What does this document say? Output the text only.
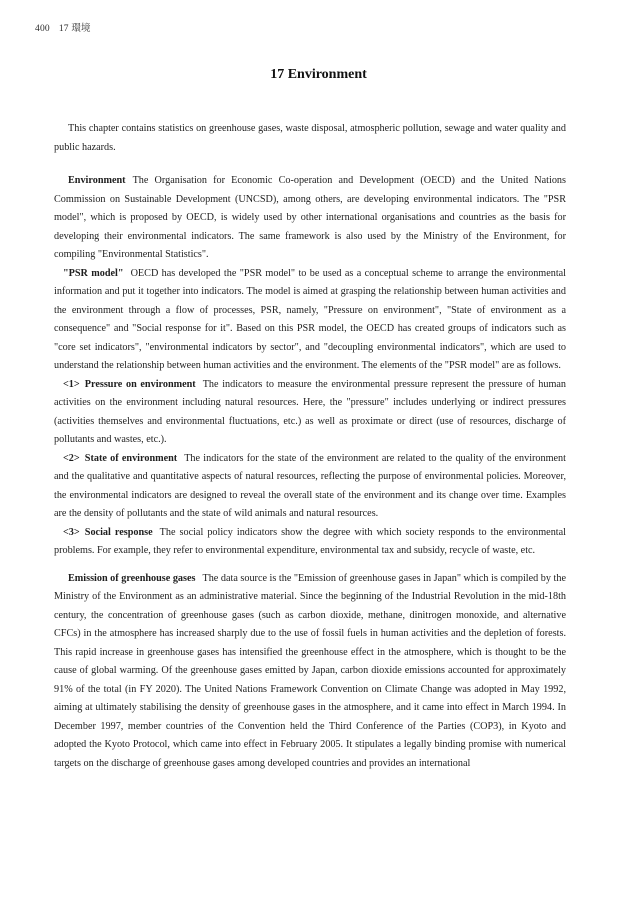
400 17 環境
17 Environment

This chapter contains statistics on greenhouse gases, waste disposal, atmospheric pollution, sewage and water quality and public hazards.

Environment The Organisation for Economic Co-operation and Development (OECD) and the United Nations Commission on Sustainable Development (UNCSD), among others, are developing environmental indicators. The "PSR model", which is proposed by OECD, is widely used by other international organisations and countries as the basis for developing their environmental indicators. The same framework is also used by the Ministry of the Environment, for compiling "Environmental Statistics".

"PSR model" OECD has developed the "PSR model" to be used as a conceptual scheme to arrange the environmental information and put it together into indicators. The model is aimed at grasping the relationship between human activities and the environment through a flow of processes, PSR, namely, "Pressure on environment", "State of environment as a consequence" and "Social response for it". Based on this PSR model, the OECD has created groups of indicators such as "core set indicators", "environmental indicators by sector", and "decoupling environmental indicators", which are used to understand the relationship between human activities and the environment. The elements of the "PSR model" are as follows.

<1> Pressure on environment The indicators to measure the environmental pressure represent the pressure of human activities on the environment including natural resources. Here, the "pressure" includes underlying or indirect pressures (activities themselves and environmental fluctuations, etc.) as well as proximate or direct (use of resources, discharge of pollutants and wastes, etc.).

<2> State of environment The indicators for the state of the environment are related to the quality of the environment and the qualitative and quantitative aspects of natural resources, reflecting the purpose of environmental policies. Moreover, the environmental indicators are designed to reveal the overall state of the environment and its change over time. Examples are the density of pollutants and the state of wild animals and natural resources.

<3> Social response The social policy indicators show the degree with which society responds to the environmental problems. For example, they refer to environmental expenditure, environmental tax and subsidy, recycle of waste, etc.

Emission of greenhouse gases The data source is the "Emission of greenhouse gases in Japan" which is compiled by the Ministry of the Environment as an administrative material. Since the beginning of the Industrial Revolution in the mid-18th century, the concentration of greenhouse gases (such as carbon dioxide, methane, dinitrogen monoxide, and alternative CFCs) in the atmosphere has increased sharply due to the use of fossil fuels in human activities and the depletion of forests. This rapid increase in greenhouse gases has intensified the greenhouse effect in the atmosphere, which is thought to be the cause of global warming. Of the greenhouse gases emitted by Japan, carbon dioxide emissions accounted for approximately 91% of the total (in FY 2020). The United Nations Framework Convention on Climate Change was adopted in May 1992, aiming at ultimately stabilising the density of greenhouse gases in the atmosphere, and it came into effect in March 1994. In December 1997, member countries of the Convention held the Third Conference of the Parties (COP3), in Kyoto and adopted the Kyoto Protocol, which came into effect in February 2005. It stipulates a legally binding promise with numerical targets on the discharge of greenhouse gases among developed countries and provides an international
